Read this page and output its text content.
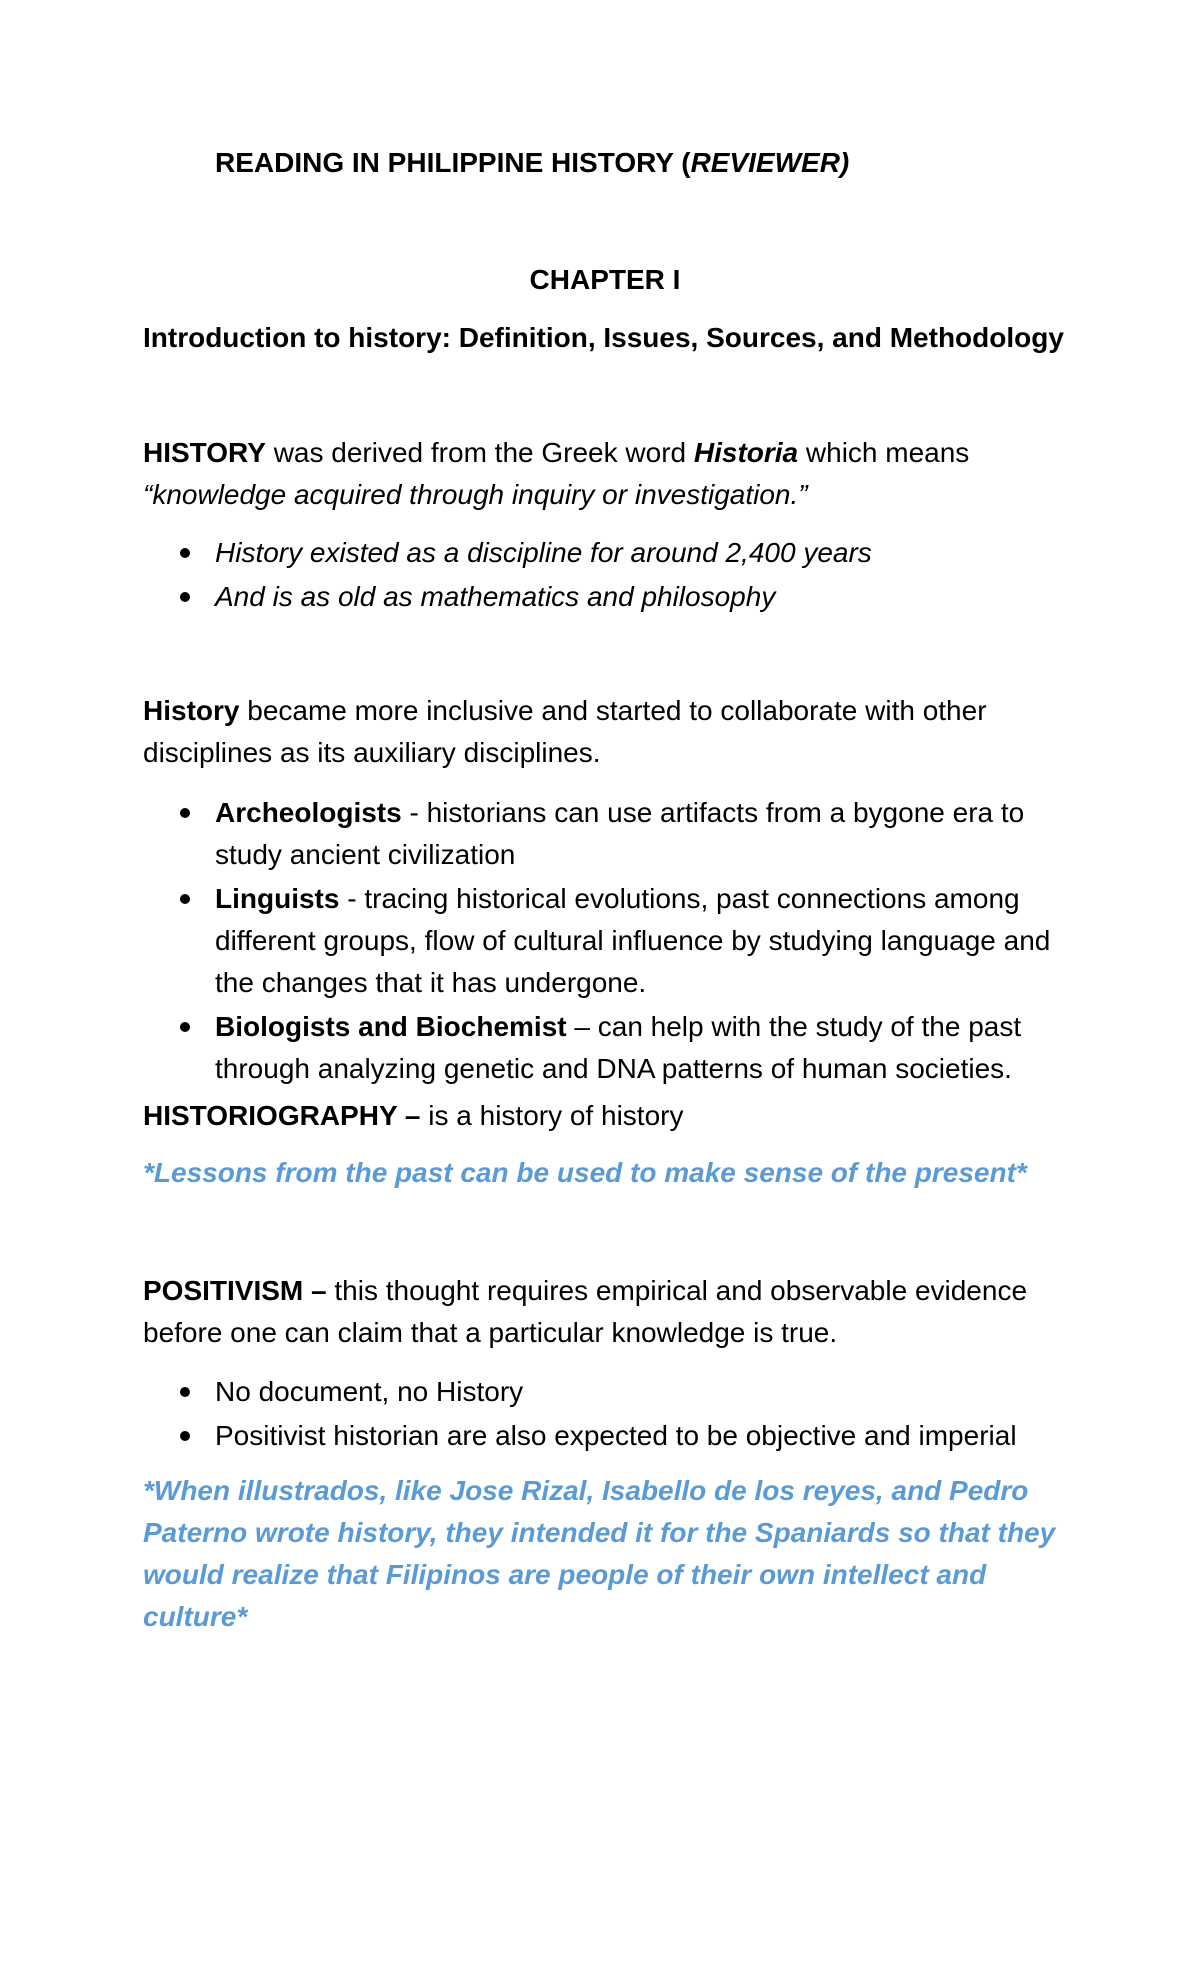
READING IN PHILIPPINE HISTORY (REVIEWER)
CHAPTER I
Introduction to history: Definition, Issues, Sources, and Methodology

HISTORY was derived from the Greek word Historia which means
“knowledge acquired through inquiry or investigation.”

History existed as a discipline for around 2,400 years
And is as old as mathematics and philosophy

History became more inclusive and started to collaborate with other disciplines as its auxiliary disciplines.

Archeologists - historians can use artifacts from a bygone era to study ancient civilization
Linguists - tracing historical evolutions, past connections among different groups, flow of cultural influence by studying language and the changes that it has undergone.
Biologists and Biochemist – can help with the study of the past through analyzing genetic and DNA patterns of human societies.

HISTORIOGRAPHY – is a history of history

*Lessons from the past can be used to make sense of the present*

POSITIVISM – this thought requires empirical and observable evidence before one can claim that a particular knowledge is true.

No document, no History
Positivist historian are also expected to be objective and imperial

*When illustrados, like Jose Rizal, Isabello de los reyes, and Pedro Paterno wrote history, they intended it for the Spaniards so that they would realize that Filipinos are people of their own intellect and culture*
